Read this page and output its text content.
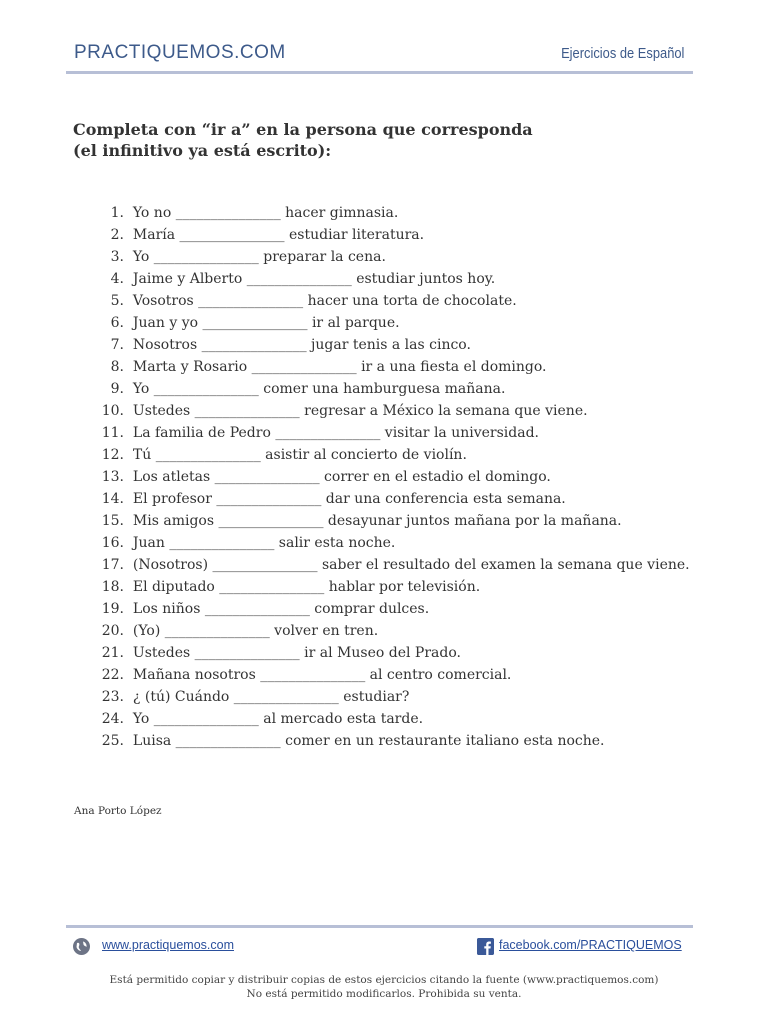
PRACTIQUEMOS.COM	Ejercicios de Español
Completa con “ir a” en la persona que corresponda
(el infinitivo ya está escrito):
1. Yo no _______________ hacer gimnasia.
2. María _______________ estudiar literatura.
3. Yo _______________ preparar la cena.
4. Jaime y Alberto _______________ estudiar juntos hoy.
5. Vosotros _______________ hacer una torta de chocolate.
6. Juan y yo _______________ ir al parque.
7. Nosotros _______________ jugar tenis a las cinco.
8. Marta y Rosario _______________ ir a una fiesta el domingo.
9. Yo _______________ comer una hamburguesa mañana.
10. Ustedes _______________ regresar a México la semana que viene.
11. La familia de Pedro _______________ visitar la universidad.
12. Tú _______________ asistir al concierto de violín.
13. Los atletas _______________ correr en el estadio el domingo.
14. El profesor _______________ dar una conferencia esta semana.
15. Mis amigos _______________ desayunar juntos mañana por la mañana.
16. Juan _______________ salir esta noche.
17. (Nosotros) _______________ saber el resultado del examen la semana que viene.
18. El diputado _______________ hablar por televisión.
19. Los niños _______________ comprar dulces.
20. (Yo) _______________ volver en tren.
21. Ustedes _______________ ir al Museo del Prado.
22. Mañana nosotros _______________ al centro comercial.
23. ¿ (tú) Cuándo _______________ estudiar?
24. Yo _______________ al mercado esta tarde.
25. Luisa _______________ comer en un restaurante italiano esta noche.
Ana Porto López
www.practiquemos.com	facebook.com/PRACTIQUEMOS
Está permitido copiar y distribuir copias de estos ejercicios citando la fuente (www.practiquemos.com)
No está permitido modificarlos. Prohibida su venta.
